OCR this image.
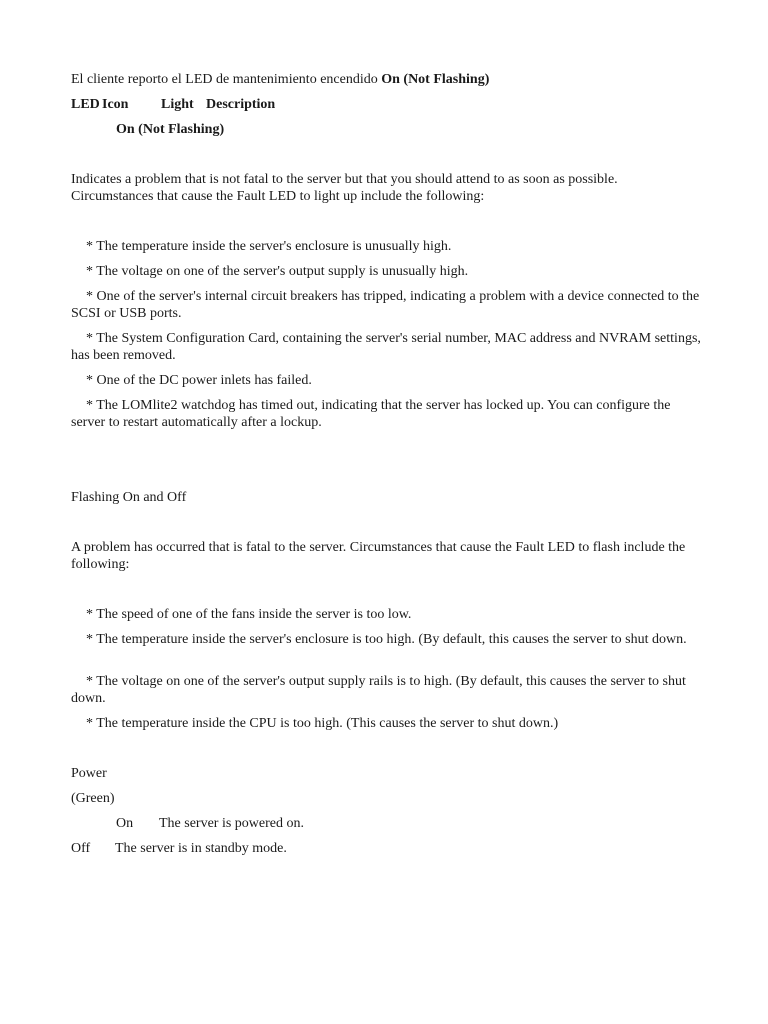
El cliente reporto el LED de mantenimiento encendido On (Not Flashing)
LED Icon Light Description
On (Not Flashing)
Indicates a problem that is not fatal to the server but that you should attend to as soon as possible. Circumstances that cause the Fault LED to light up include the following:
* The temperature inside the server's enclosure is unusually high.
* The voltage on one of the server's output supply is unusually high.
* One of the server's internal circuit breakers has tripped, indicating a problem with a device connected to the SCSI or USB ports.
* The System Configuration Card, containing the server's serial number, MAC address and NVRAM settings, has been removed.
* One of the DC power inlets has failed.
* The LOMlite2 watchdog has timed out, indicating that the server has locked up. You can configure the server to restart automatically after a lockup.
Flashing On and Off
A problem has occurred that is fatal to the server. Circumstances that cause the Fault LED to flash include the following:
* The speed of one of the fans inside the server is too low.
* The temperature inside the server's enclosure is too high. (By default, this causes the server to shut down.
* The voltage on one of the server's output supply rails is to high. (By default, this causes the server to shut down.
* The temperature inside the CPU is too high. (This causes the server to shut down.)
Power
(Green)
On The server is powered on.
Off The server is in standby mode.
